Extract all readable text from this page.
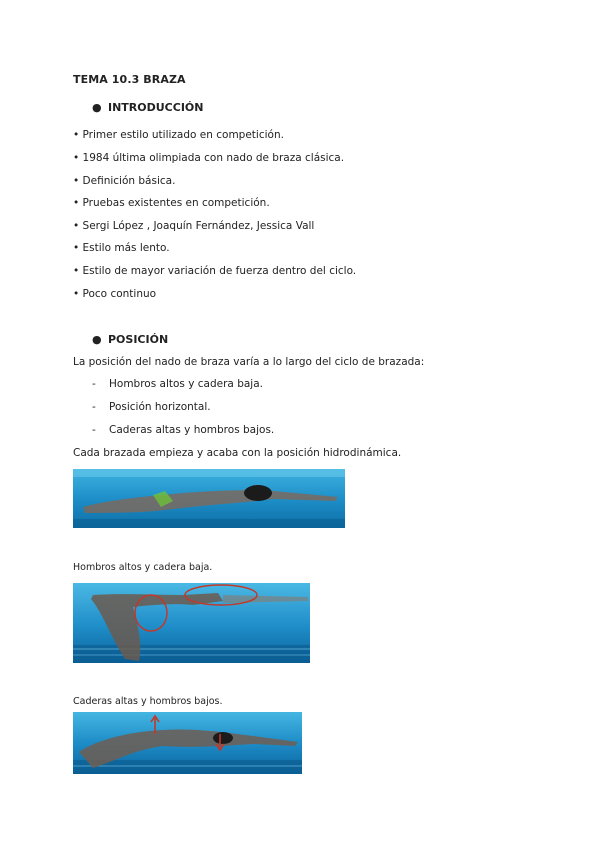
TEMA 10.3 BRAZA
● INTRODUCCIÓN
• Primer estilo utilizado en competición.
• 1984 última olimpiada con nado de braza clásica.
• Definición básica.
• Pruebas existentes en competición.
• Sergi López , Joaquín Fernández, Jessica Vall
• Estilo más lento.
• Estilo de mayor variación de fuerza dentro del ciclo.
• Poco continuo
● POSICIÓN
La posición del nado de braza varía a lo largo del ciclo de brazada:
- Hombros altos y cadera baja.
- Posición horizontal.
- Caderas altas y hombros bajos.
Cada brazada empieza y acaba con la posición hidrodinámica.
Hombros altos y cadera baja.
Caderas altas y hombros bajos.
